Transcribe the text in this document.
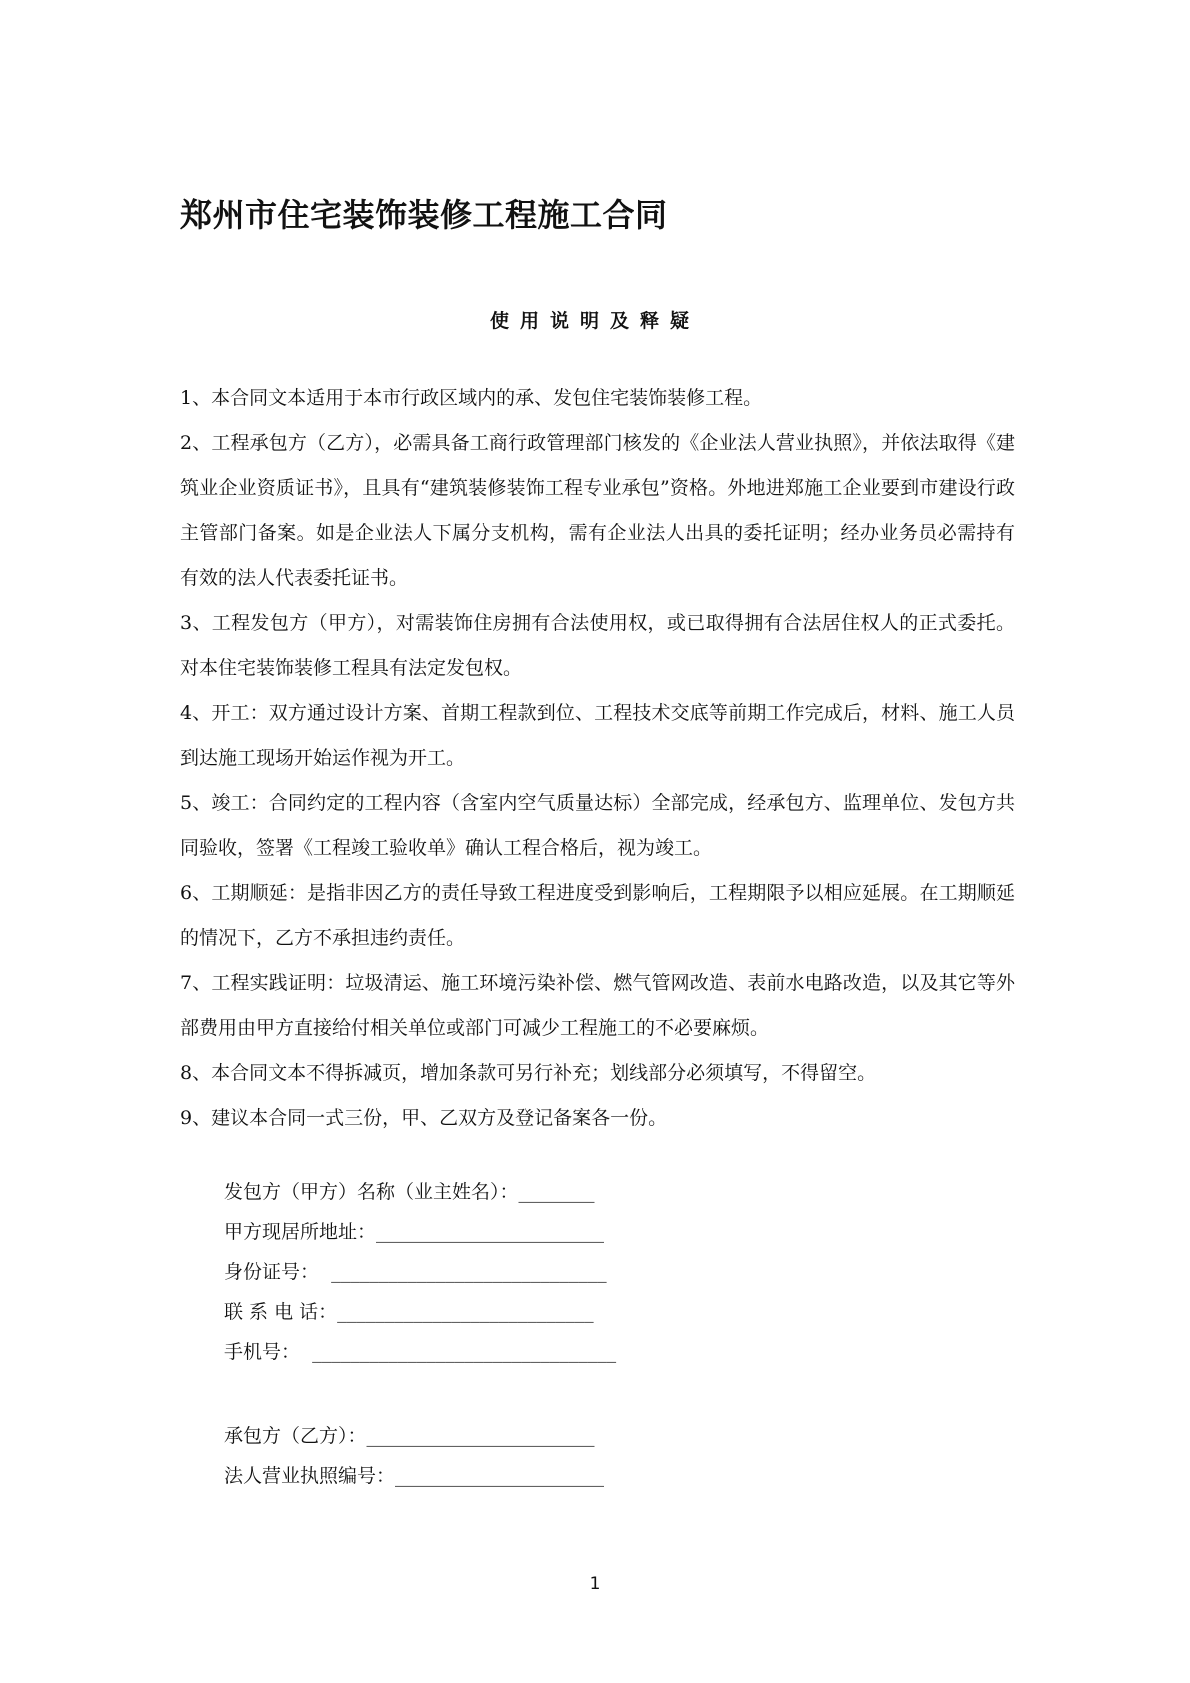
郑州市住宅装饰装修工程施工合同
使用说明及释疑

1、本合同文本适用于本市行政区域内的承、发包住宅装饰装修工程。

2、工程承包方（乙方），必需具备工商行政管理部门核发的《企业法人营业执照》，并依法取得《建筑业企业资质证书》，且具有“建筑装修装饰工程专业承包”资格。外地进郑施工企业要到市建设行政主管部门备案。如是企业法人下属分支机构，需有企业法人出具的委托证明；经办业务员必需持有有效的法人代表委托证书。

3、工程发包方（甲方），对需装饰住房拥有合法使用权，或已取得拥有合法居住权人的正式委托。对本住宅装饰装修工程具有法定发包权。

4、开工：双方通过设计方案、首期工程款到位、工程技术交底等前期工作完成后，材料、施工人员到达施工现场开始运作视为开工。

5、竣工：合同约定的工程内容（含室内空气质量达标）全部完成，经承包方、监理单位、发包方共同验收，签署《工程竣工验收单》确认工程合格后，视为竣工。

6、工期顺延：是指非因乙方的责任导致工程进度受到影响后，工程期限予以相应延展。在工期顺延的情况下，乙方不承担违约责任。

7、工程实践证明：垃圾清运、施工环境污染补偿、燃气管网改造、表前水电路改造，以及其它等外部费用由甲方直接给付相关单位或部门可减少工程施工的不必要麻烦。

8、本合同文本不得拆减页，增加条款可另行补充；划线部分必须填写，不得留空。

9、建议本合同一式三份，甲、乙双方及登记备案各一份。

发包方（甲方）名称（业主姓名）：________
甲方现居所地址：________________________
身份证号：  _____________________________
联 系 电 话：___________________________
手机号：  ________________________________
承包方（乙方）：________________________
法人营业执照编号：______________________
1
